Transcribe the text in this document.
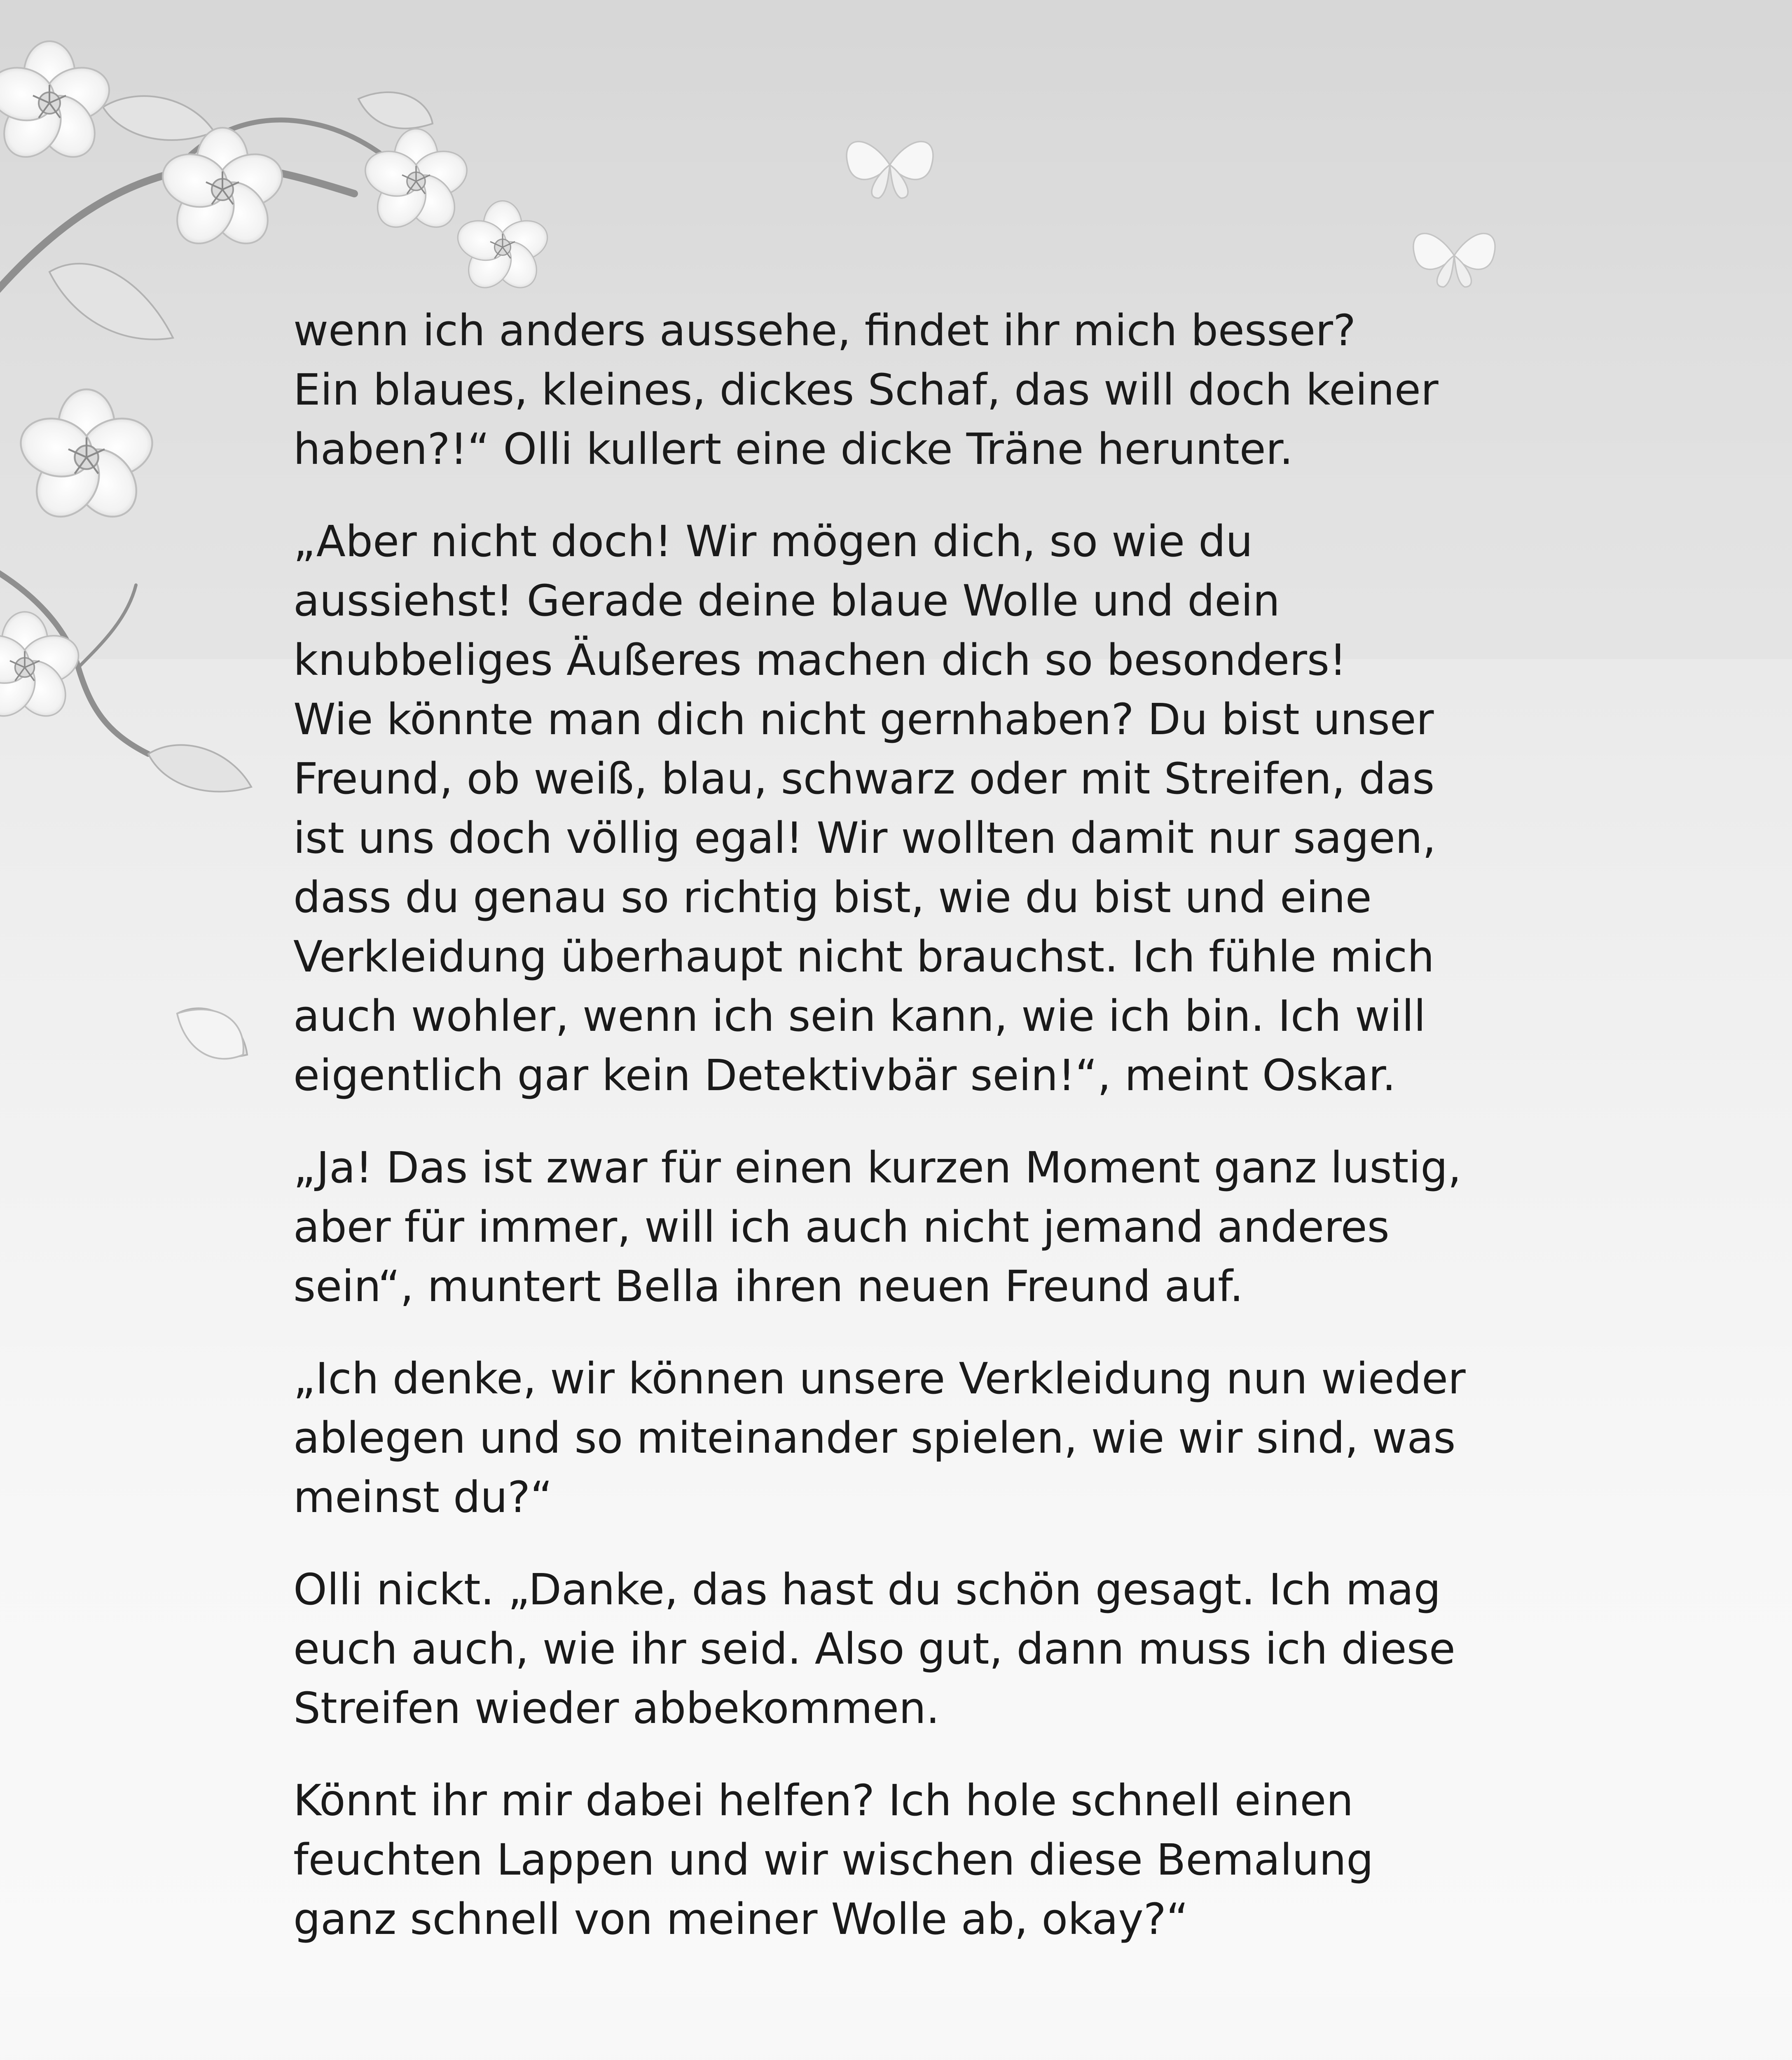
wenn ich anders aussehe, findet ihr mich besser?
Ein blaues, kleines, dickes Schaf, das will doch keiner
haben?!“ Olli kullert eine dicke Träne herunter.

„Aber nicht doch! Wir mögen dich, so wie du
aussiehst! Gerade deine blaue Wolle und dein
knubbeliges Äußeres machen dich so besonders!
Wie könnte man dich nicht gernhaben? Du bist unser
Freund, ob weiß, blau, schwarz oder mit Streifen, das
ist uns doch völlig egal! Wir wollten damit nur sagen,
dass du genau so richtig bist, wie du bist und eine
Verkleidung überhaupt nicht brauchst. Ich fühle mich
auch wohler, wenn ich sein kann, wie ich bin. Ich will
eigentlich gar kein Detektivbär sein!“, meint Oskar.

„Ja! Das ist zwar für einen kurzen Moment ganz lustig,
aber für immer, will ich auch nicht jemand anderes
sein“, muntert Bella ihren neuen Freund auf.

„Ich denke, wir können unsere Verkleidung nun wieder
ablegen und so miteinander spielen, wie wir sind, was
meinst du?“

Olli nickt. „Danke, das hast du schön gesagt. Ich mag
euch auch, wie ihr seid. Also gut, dann muss ich diese
Streifen wieder abbekommen.

Könnt ihr mir dabei helfen? Ich hole schnell einen
feuchten Lappen und wir wischen diese Bemalung
ganz schnell von meiner Wolle ab, okay?“
